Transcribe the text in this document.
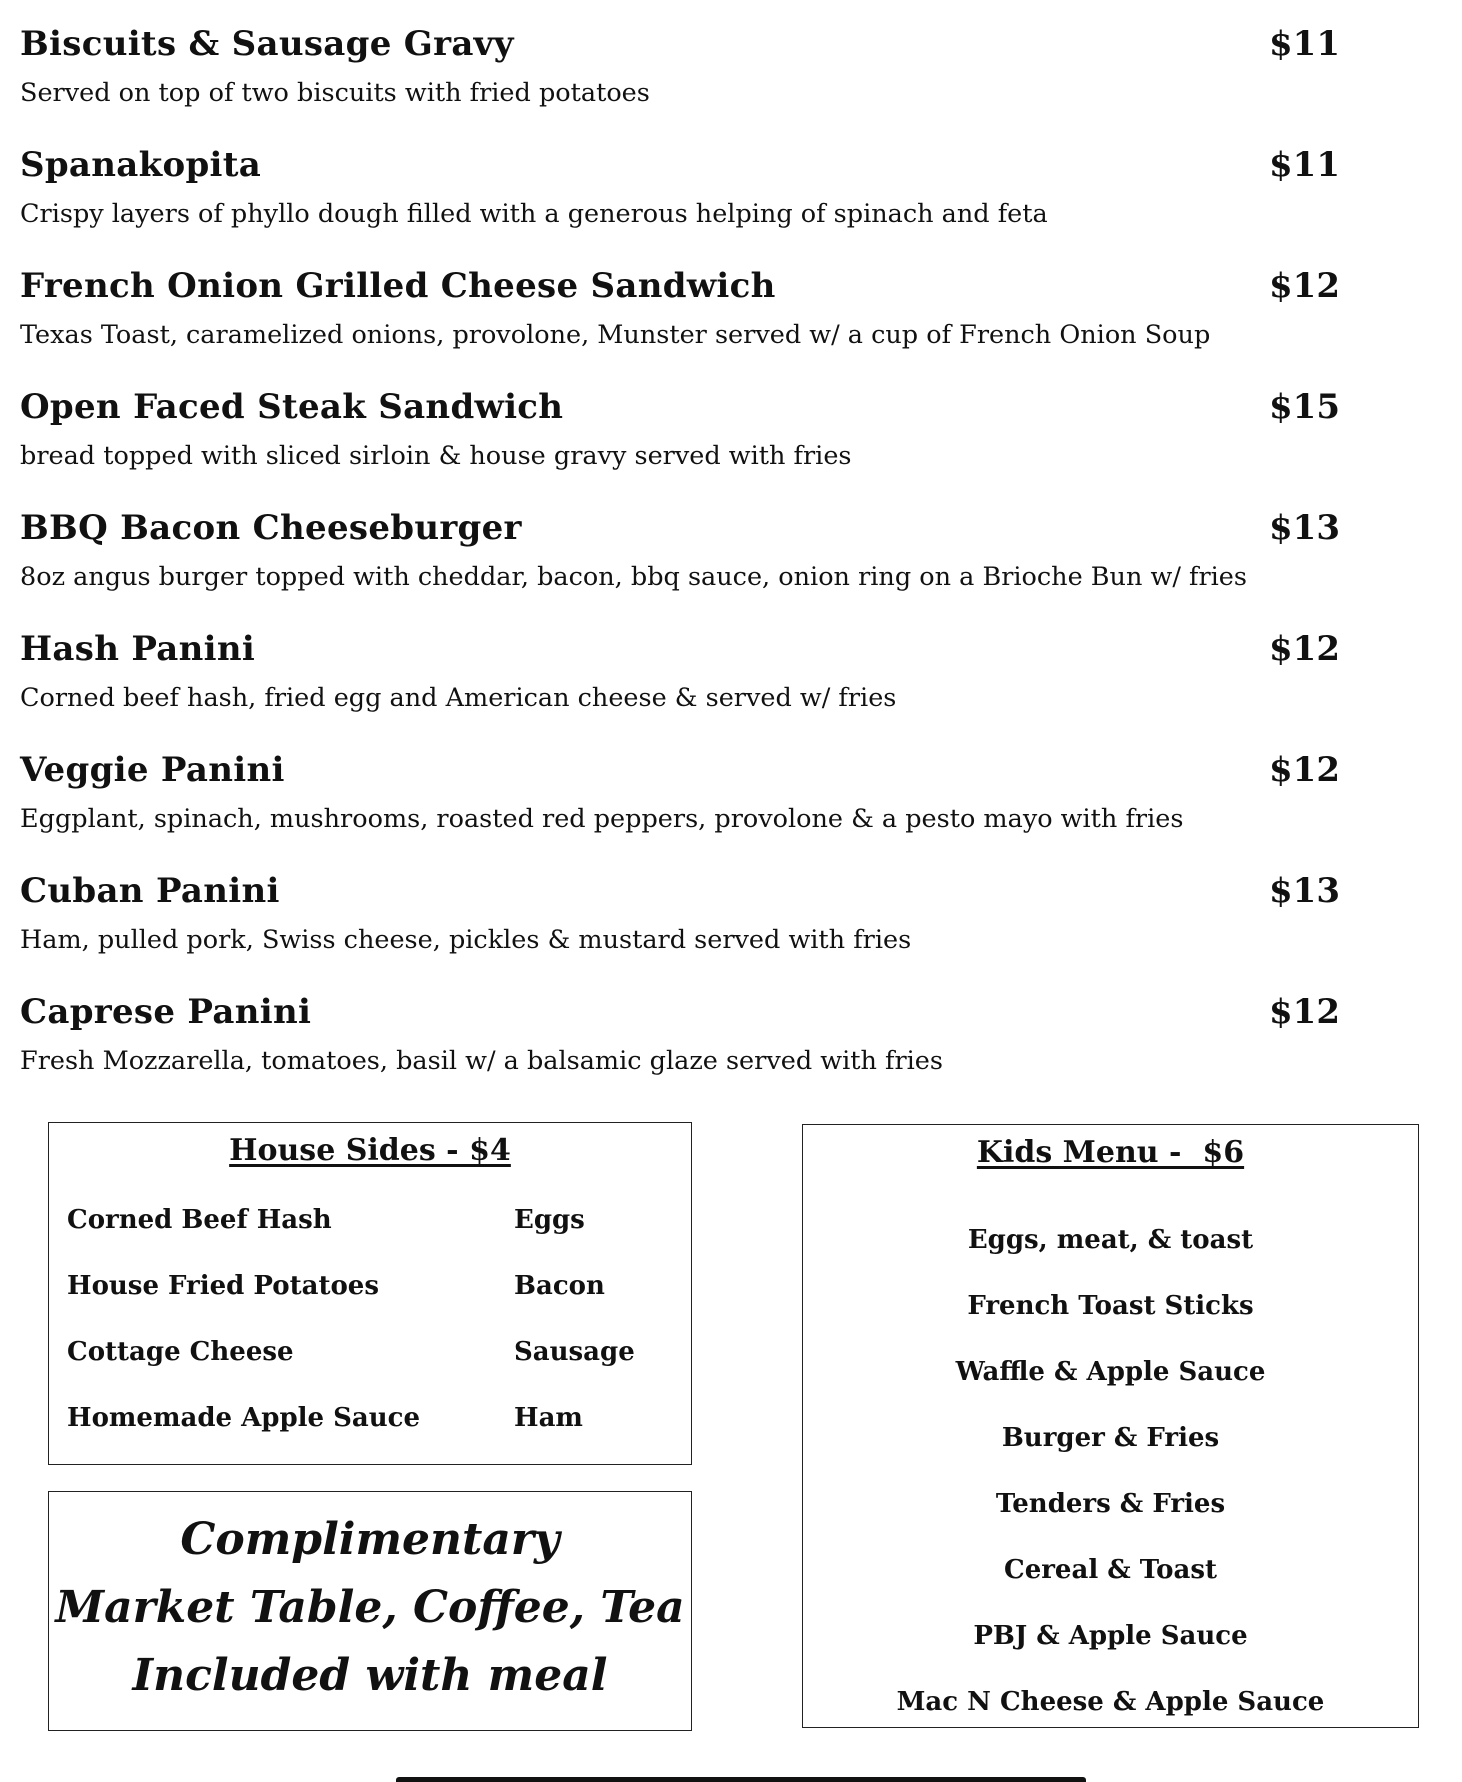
Biscuits & Sausage Gravy	$11
Served on top of two biscuits with fried potatoes
Spanakopita	$11
Crispy layers of phyllo dough filled with a generous helping of spinach and feta
French Onion Grilled Cheese Sandwich	$12
Texas Toast, caramelized onions, provolone, Munster served w/ a cup of French Onion Soup
Open Faced Steak Sandwich	$15
bread topped with sliced sirloin & house gravy served with fries
BBQ Bacon Cheeseburger	$13
8oz angus burger topped with cheddar, bacon, bbq sauce, onion ring on a Brioche Bun w/ fries
Hash Panini	$12
Corned beef hash, fried egg and American cheese & served w/ fries
Veggie Panini	$12
Eggplant, spinach, mushrooms, roasted red peppers, provolone & a pesto mayo with fries
Cuban Panini	$13
Ham, pulled pork, Swiss cheese, pickles & mustard served with fries
Caprese Panini	$12
Fresh Mozzarella, tomatoes, basil w/ a balsamic glaze served with fries
House Sides - $4
Corned Beef Hash	Eggs
House Fried Potatoes	Bacon
Cottage Cheese	Sausage
Homemade Apple Sauce	Ham
Complimentary
Market Table, Coffee, Tea
Included with meal
Kids Menu -  $6
Eggs, meat, & toast
French Toast Sticks
Waffle & Apple Sauce
Burger & Fries
Tenders & Fries
Cereal & Toast
PBJ & Apple Sauce
Mac N Cheese & Apple Sauce
